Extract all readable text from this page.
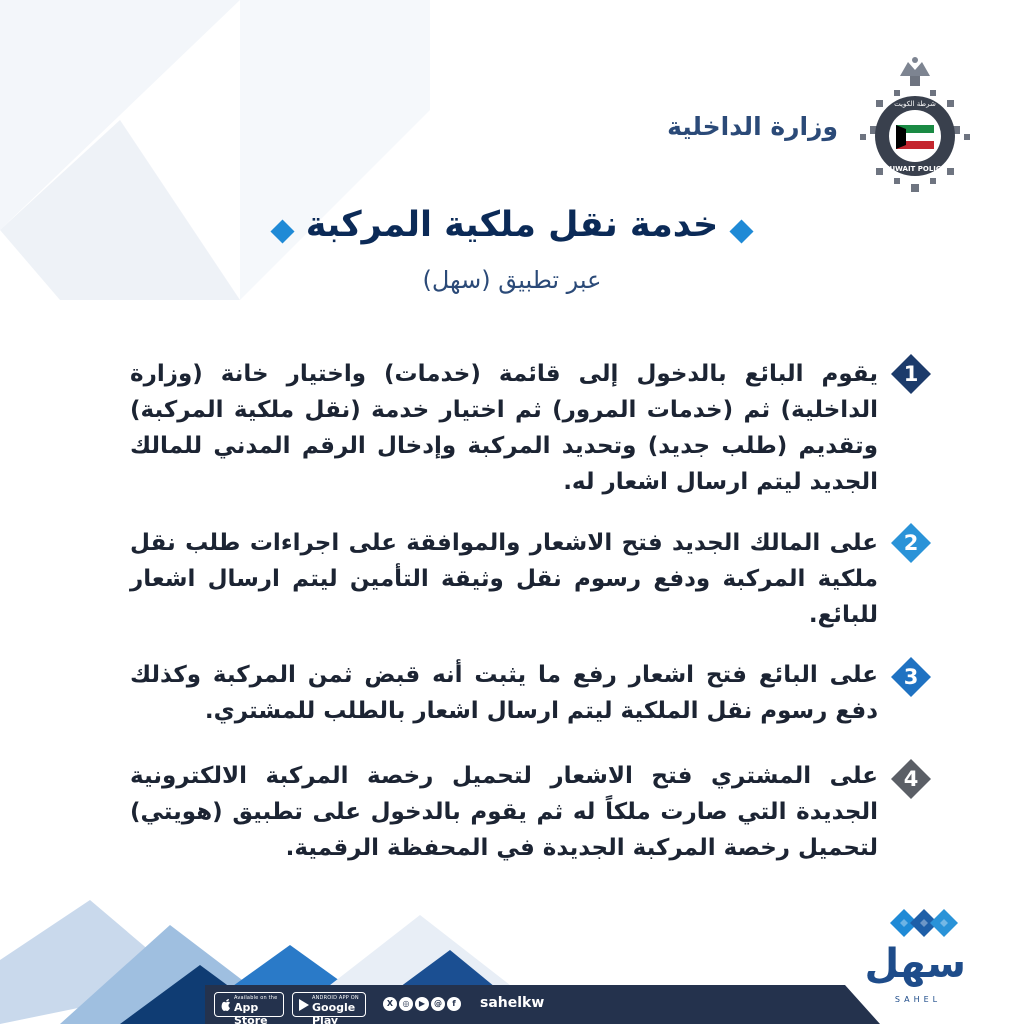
وزارة الداخلية
شرطة الكويت
KUWAIT POLICE
خدمة نقل ملكية المركبة
عبر تطبيق (سهل)
يقوم البائع بالدخول إلى قائمة (خدمات) واختيار خانة (وزارة الداخلية) ثم (خدمات المرور) ثم اختيار خدمة (نقل ملكية المركبة) وتقديم (طلب جديد) وتحديد المركبة وإدخال الرقم المدني للمالك الجديد ليتم ارسال اشعار له.
1
على المالك الجديد فتح الاشعار والموافقة على اجراءات طلب نقل ملكية المركبة ودفع رسوم نقل وثيقة التأمين ليتم ارسال اشعار للبائع.
2
على البائع فتح اشعار رفع ما يثبت أنه قبض ثمن المركبة وكذلك دفع رسوم نقل الملكية ليتم ارسال اشعار بالطلب للمشتري.
3
على المشتري فتح الاشعار لتحميل رخصة المركبة الالكترونية الجديدة التي صارت ملكاً له ثم يقوم بالدخول على تطبيق (هويتي) لتحميل رخصة المركبة الجديدة في المحفظة الرقمية.
4
Available on the
App Store
ANDROID APP ON
Google Play
X	◎	▶	@	f	sahelkw
سهل
SAHEL
